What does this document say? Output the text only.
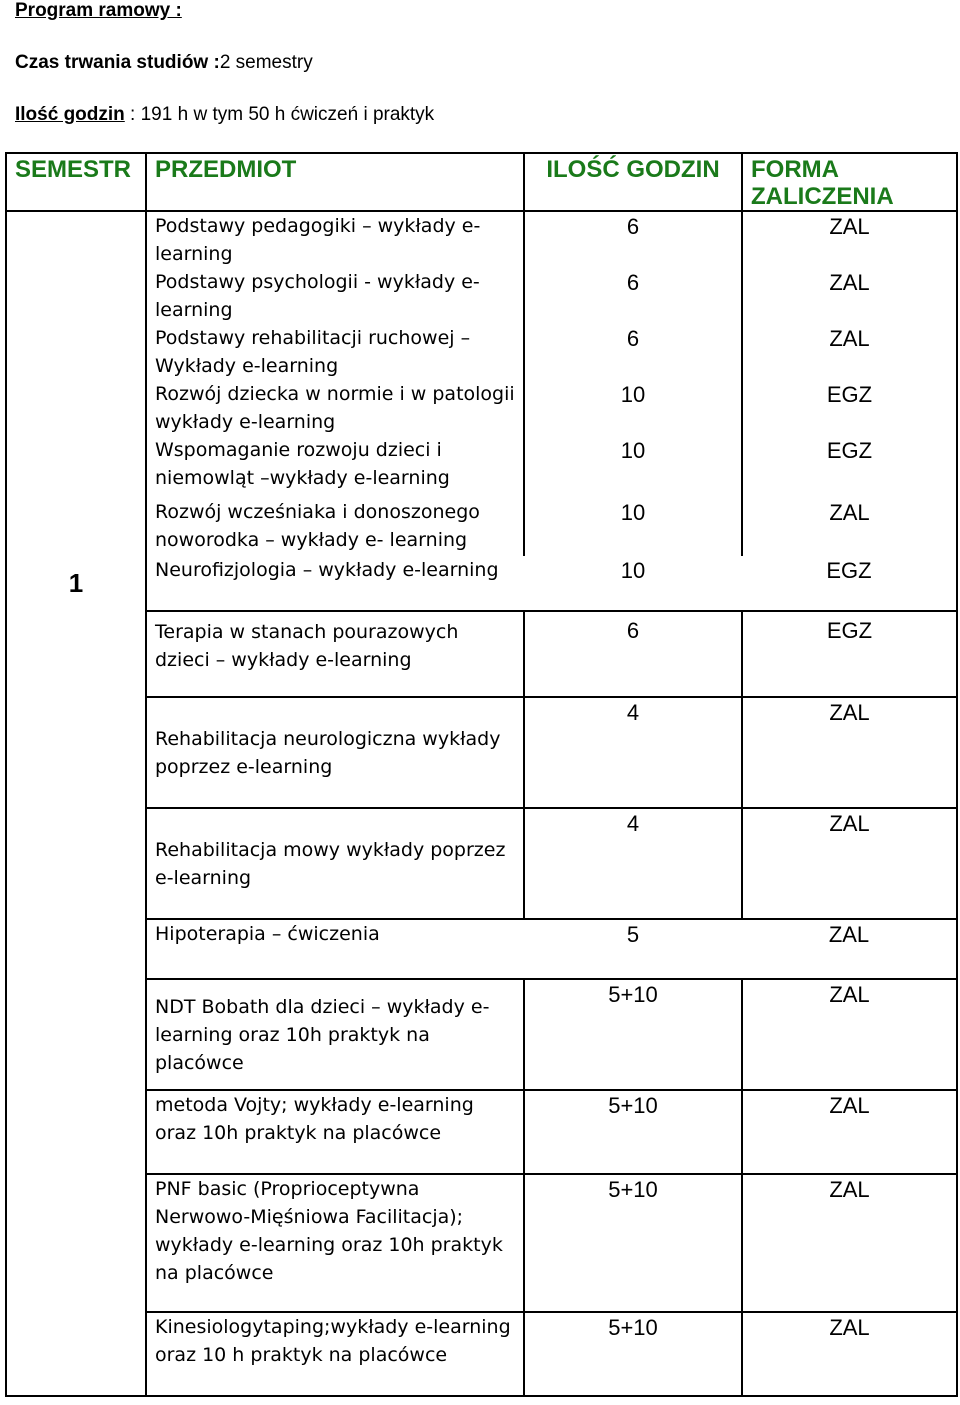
Program ramowy :
Czas trwania studiów :2 semestry
Ilość godzin : 191 h w tym 50 h ćwiczeń i praktyk
SEMESTR	PRZEDMIOT	ILOŚĆ GODZIN	FORMA ZALICZENIA
1	Podstawy pedagogiki – wykłady e-learning	6	ZAL
	Podstawy psychologii - wykłady e-learning	6	ZAL
	Podstawy rehabilitacji ruchowej – Wykłady e-learning	6	ZAL
	Rozwój dziecka w normie i w patologii wykłady e-learning	10	EGZ
	Wspomaganie rozwoju dzieci i niemowląt –wykłady e-learning	10	EGZ
	Rozwój wcześniaka i donoszonego noworodka – wykłady e- learning	10	ZAL
	Neurofizjologia – wykłady e-learning	10	EGZ
	Terapia w stanach pourazowych dzieci – wykłady e-learning	6	EGZ
	Rehabilitacja neurologiczna wykłady poprzez e-learning	4	ZAL
	Rehabilitacja mowy wykłady poprzez e-learning	4	ZAL
	Hipoterapia – ćwiczenia	5	ZAL
	NDT Bobath dla dzieci – wykłady e-learning oraz 10h praktyk na placówce	5+10	ZAL
	metoda Vojty; wykłady e-learning oraz 10h praktyk na placówce	5+10	ZAL
	PNF basic (Proprioceptywna Nerwowo-Mięśniowa Facilitacja); wykłady e-learning oraz 10h praktyk na placówce	5+10	ZAL
	Kinesiologytaping;wykłady e-learning oraz 10 h praktyk na placówce	5+10	ZAL
